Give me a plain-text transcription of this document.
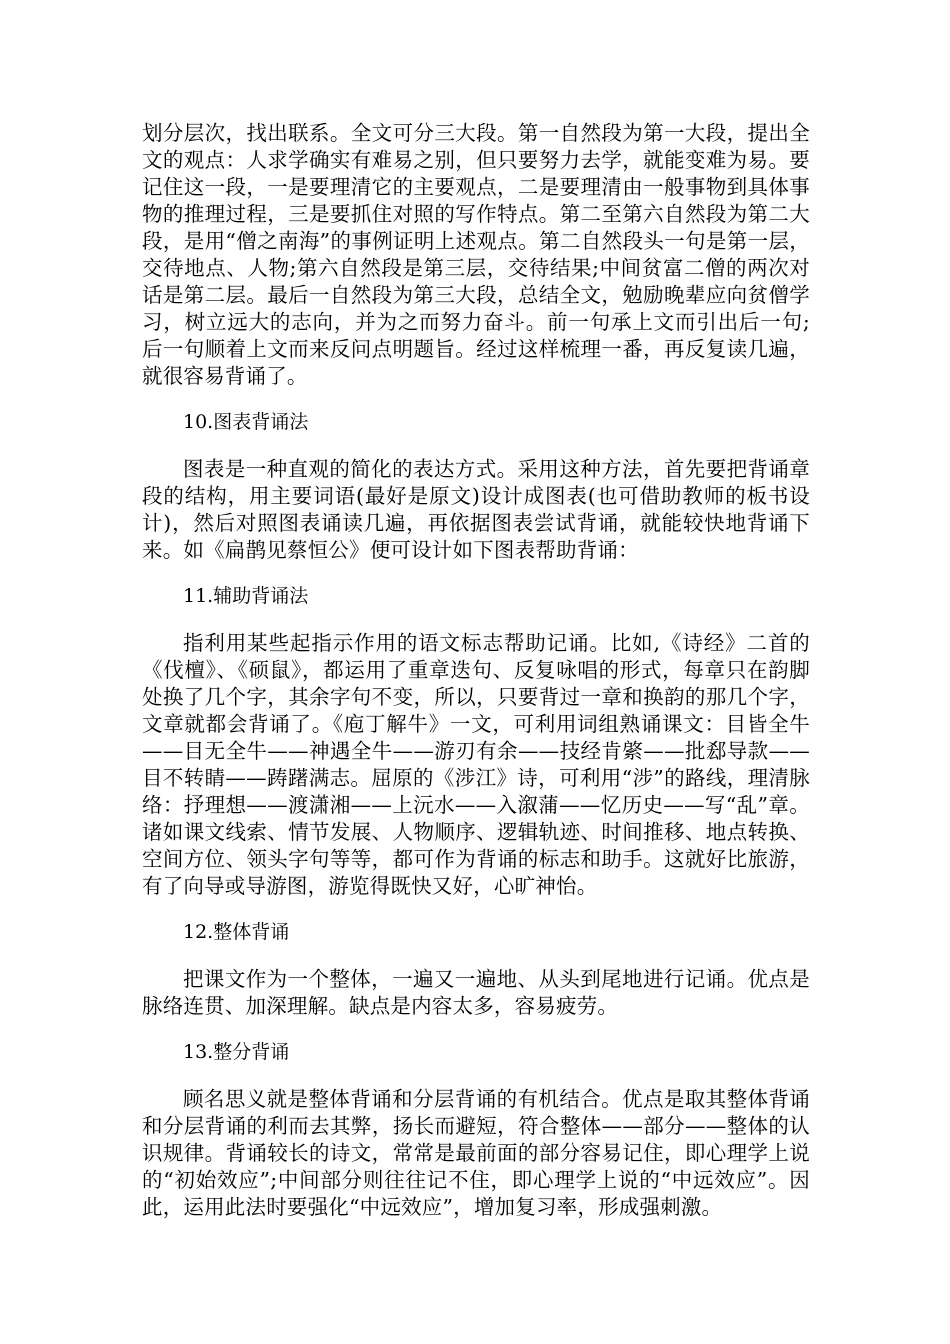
划分层次，找出联系。全文可分三大段。第一自然段为第一大段，提出全文的观点：人求学确实有难易之别，但只要努力去学，就能变难为易。要记住这一段，一是要理清它的主要观点，二是要理清由一般事物到具体事物的推理过程，三是要抓住对照的写作特点。第二至第六自然段为第二大段，是用“僧之南海”的事例证明上述观点。第二自然段头一句是第一层，交待地点、人物;第六自然段是第三层，交待结果;中间贫富二僧的两次对话是第二层。最后一自然段为第三大段，总结全文，勉励晚辈应向贫僧学习，树立远大的志向，并为之而努力奋斗。前一句承上文而引出后一句;后一句顺着上文而来反问点明题旨。经过这样梳理一番，再反复读几遍，就很容易背诵了。

10.图表背诵法

图表是一种直观的简化的表达方式。采用这种方法，首先要把背诵章段的结构，用主要词语(最好是原文)设计成图表(也可借助教师的板书设计)，然后对照图表诵读几遍，再依据图表尝试背诵，就能较快地背诵下来。如《扁鹊见蔡恒公》便可设计如下图表帮助背诵：

11.辅助背诵法

指利用某些起指示作用的语文标志帮助记诵。比如,《诗经》二首的《伐檀》、《硕鼠》，都运用了重章迭句、反复咏唱的形式，每章只在韵脚处换了几个字，其余字句不变，所以，只要背过一章和换韵的那几个字，文章就都会背诵了。《庖丁解牛》一文，可利用词组熟诵课文：目皆全牛——目无全牛——神遇全牛——游刃有余——技经肯綮——批郄导款——目不转睛——踌躇满志。屈原的《涉江》诗，可利用“涉”的路线，理清脉络：抒理想——渡潇湘——上沅水——入溆蒲——忆历史——写“乱”章。诸如课文线索、情节发展、人物顺序、逻辑轨迹、时间推移、地点转换、空间方位、领头字句等等，都可作为背诵的标志和助手。这就好比旅游，有了向导或导游图，游览得既快又好，心旷神怡。

12.整体背诵

把课文作为一个整体，一遍又一遍地、从头到尾地进行记诵。优点是脉络连贯、加深理解。缺点是内容太多，容易疲劳。

13.整分背诵

顾名思义就是整体背诵和分层背诵的有机结合。优点是取其整体背诵和分层背诵的利而去其弊，扬长而避短，符合整体——部分——整体的认识规律。背诵较长的诗文，常常是最前面的部分容易记住，即心理学上说的“初始效应”;中间部分则往往记不住，即心理学上说的“中远效应”。因此，运用此法时要强化“中远效应”，增加复习率，形成强刺激。
